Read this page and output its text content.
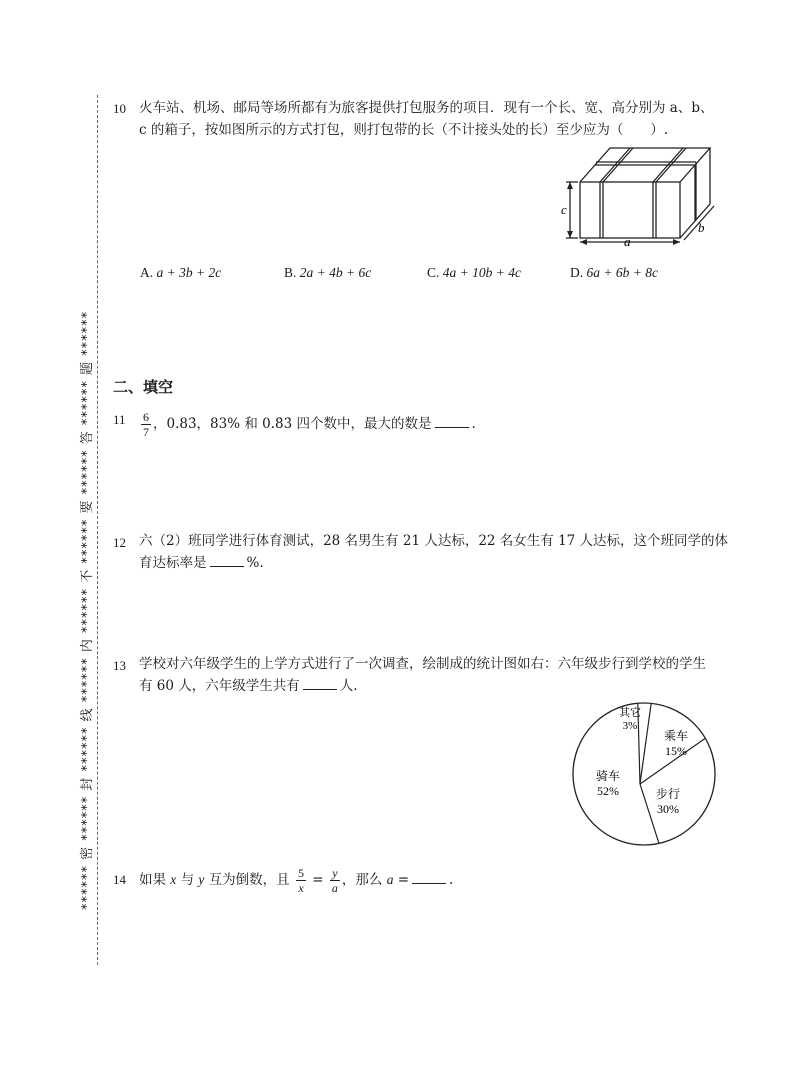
****** 密 ****** 封 ****** 线 ****** 内 ****** 不 ****** 要 ****** 答 ****** 题 ******
10 火车站、机场、邮局等场所都有为旅客提供打包服务的项目．现有一个长、宽、高分别为 a、b、
c 的箱子，按如图所示的方式打包，则打包带的长（不计接头处的长）至少应为（　　）.
c
a
b
A. a + 3b + 2c	B. 2a + 4b + 6c	C. 4a + 10b + 4c	D. 6a + 6b + 8c
二、填空
$11 \frac{6}{7}$ ，0.83̇，83% 和 0.8̇3̇ 四个数中，最大的数是	.
12 六（2）班同学进行体育测试，28 名男生有 21 人达标，22 名女生有 17 人达标，这个班同学的体
育达标率是	%.
13 学校对六年级学生的上学方式进行了一次调查，绘制成的统计图如右：六年级步行到学校的学生
有 60 人，六年级学生共有	人.
其它
3%
乘车
15%
步行
30%
骑车
52%
14 如果 x 与 y 互为倒数，且 $\frac{5}{x} = \frac{y}{a}$ ，那么 a =	.
